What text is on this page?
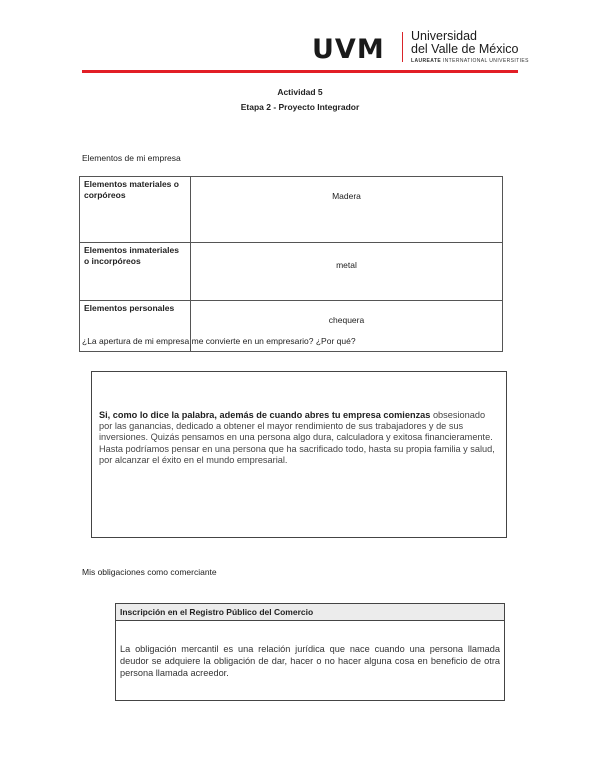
UVM Universidad
del Valle de México
LAUREATE INTERNATIONAL UNIVERSITIES
Actividad 5
Etapa 2 - Proyecto Integrador
Elementos de mi empresa
Elementos materiales o corpóreos	Madera
Elementos inmateriales o incorpóreos	metal
Elementos personales	chequera
¿La apertura de mi empresa me convierte en un empresario? ¿Por qué?
Si, como lo dice la palabra, además de cuando abres tu empresa comienzas obsesionado por las ganancias, dedicado a obtener el mayor rendimiento de sus trabajadores y de sus inversiones. Quizás pensamos en una persona algo dura, calculadora y exitosa financieramente. Hasta podríamos pensar en una persona que ha sacrificado todo, hasta su propia familia y salud, por alcanzar el éxito en el mundo empresarial.
Mis obligaciones como comerciante
Inscripción en el Registro Público del Comercio
La obligación mercantil es una relación jurídica que nace cuando una persona llamada deudor se adquiere la obligación de dar, hacer o no hacer alguna cosa en beneficio de otra persona llamada acreedor.
